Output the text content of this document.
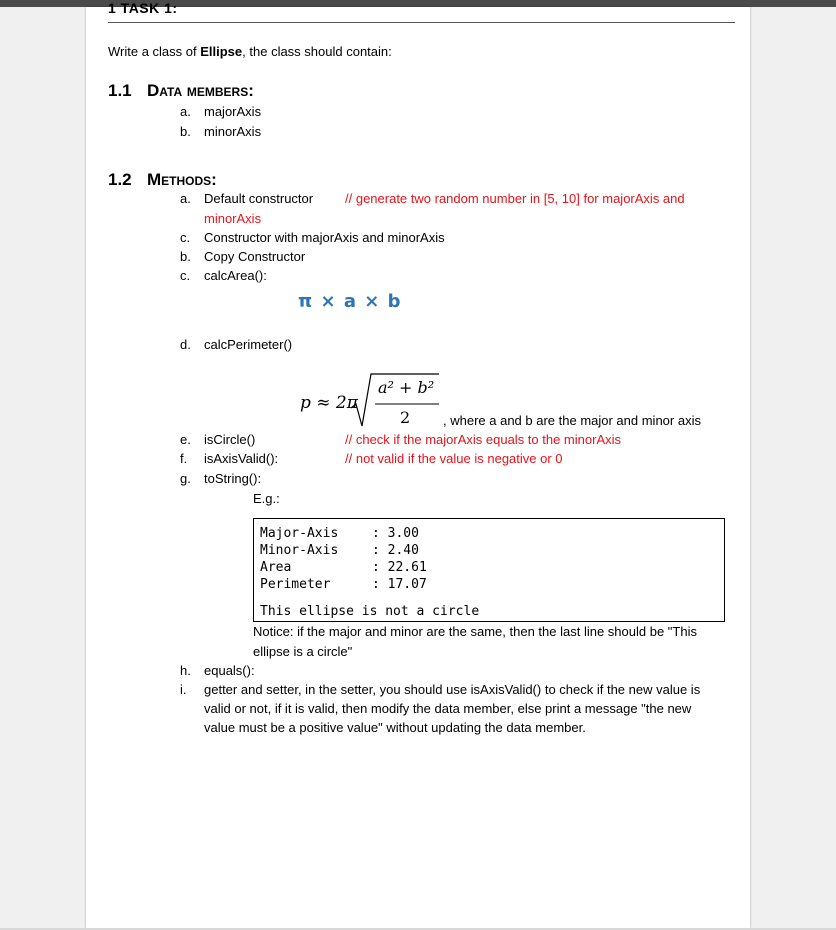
1 TASK 1:
Write a class of Ellipse, the class should contain:
1.1 Data members:
a. majorAxis
b. minorAxis
1.2 Methods:
a. Default constructor // generate two random number in [5, 10] for majorAxis and
minorAxis
c. Constructor with majorAxis and minorAxis
b. Copy Constructor
c. calcArea():
π × a × b
d. calcPerimeter()
p ≈ 2π
a² + b²
2	, where a and b are the major and minor axis
e. isCircle()	// check if the majorAxis equals to the minorAxis
f. isAxisValid():	// not valid if the value is negative or 0
g. toString():
E.g.:
Major-Axis	: 3.00
Minor-Axis	: 2.40
Area	: 22.61
Perimeter	: 17.07
This ellipse is not a circle
Notice: if the major and minor are the same, then the last line should be "This
ellipse is a circle"
h. equals():
i. getter and setter, in the setter, you should use isAxisValid() to check if the new value is
valid or not, if it is valid, then modify the data member, else print a message "the new
value must be a positive value" without updating the data member.
